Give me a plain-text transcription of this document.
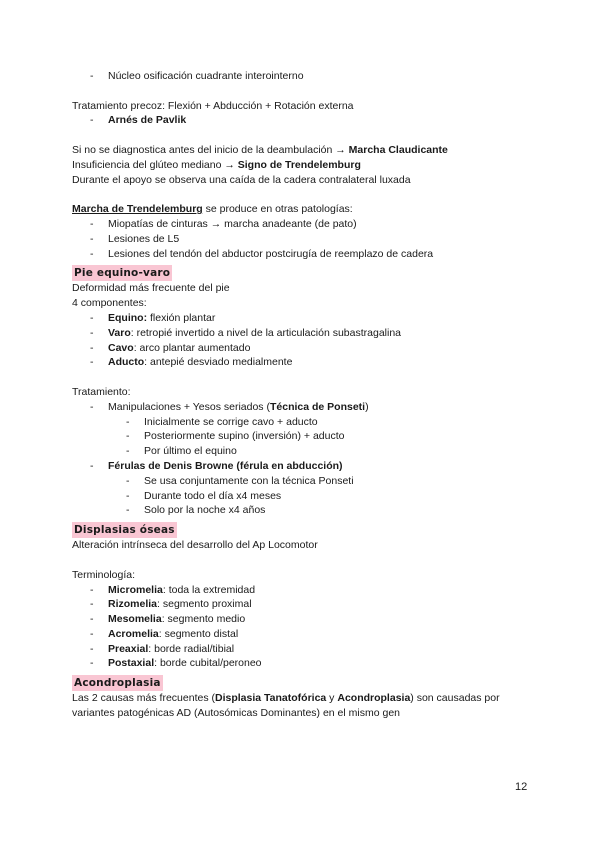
- Núcleo osificación cuadrante interointerno
Tratamiento precoz: Flexión + Abducción + Rotación externa
- Arnés de Pavlik
Si no se diagnostica antes del inicio de la deambulación → Marcha Claudicante
Insuficiencia del glúteo mediano → Signo de Trendelemburg
Durante el apoyo se observa una caída de la cadera contralateral luxada
Marcha de Trendelemburg se produce en otras patologías:
- Miopatías de cinturas → marcha anadeante (de pato)
- Lesiones de L5
- Lesiones del tendón del abductor postcirugía de reemplazo de cadera
Pie equino-varo
Deformidad más frecuente del pie
4 componentes:
- Equino: flexión plantar
- Varo: retropié invertido a nivel de la articulación subastragalina
- Cavo: arco plantar aumentado
- Aducto: antepié desviado medialmente
Tratamiento:
- Manipulaciones + Yesos seriados (Técnica de Ponseti)
- Inicialmente se corrige cavo + aducto
- Posteriormente supino (inversión) + aducto
- Por último el equino
- Férulas de Denis Browne (férula en abducción)
- Se usa conjuntamente con la técnica Ponseti
- Durante todo el día x4 meses
- Solo por la noche x4 años
Displasias óseas
Alteración intrínseca del desarrollo del Ap Locomotor
Terminología:
- Micromelia: toda la extremidad
- Rizomelia: segmento proximal
- Mesomelia: segmento medio
- Acromelia: segmento distal
- Preaxial: borde radial/tibial
- Postaxial: borde cubital/peroneo
Acondroplasia
Las 2 causas más frecuentes (Displasia Tanatofórica y Acondroplasia) son causadas por
variantes patogénicas AD (Autosómicas Dominantes) en el mismo gen
12
